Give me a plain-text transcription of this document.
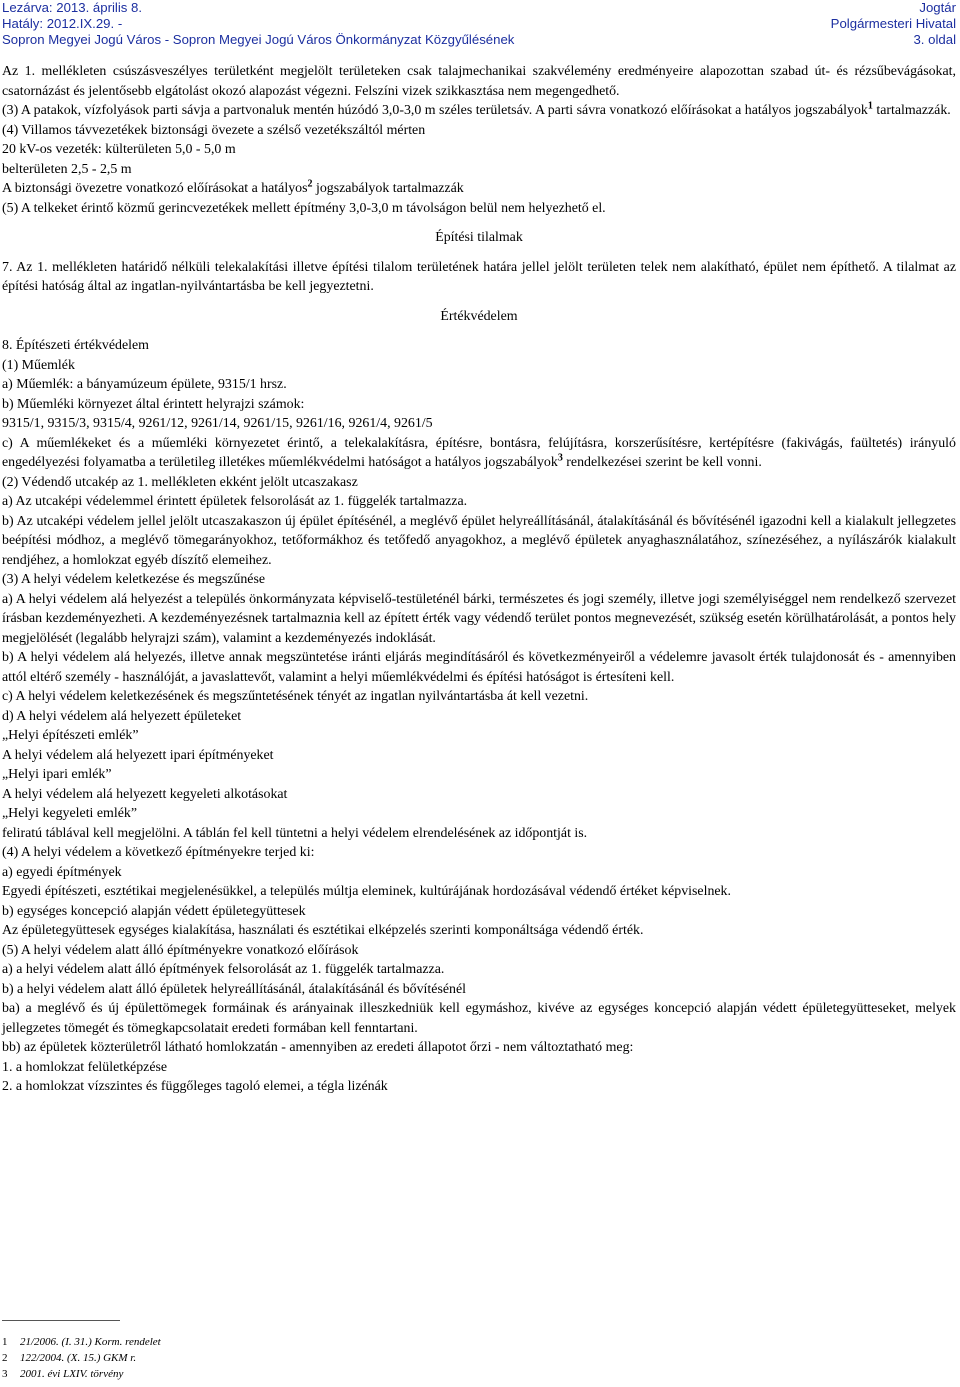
Lezárva: 2013. április 8.
Hatály: 2012.IX.29. -
Sopron Megyei Jogú Város - Sopron Megyei Jogú Város Önkormányzat Közgyűlésének
Jogtár
Polgármesteri Hivatal
3. oldal

Az 1. mellékleten csúszásveszélyes területként megjelölt területeken csak talajmechanikai szakvélemény eredményeire alapozottan szabad út- és rézsűbevágásokat, csatornázást és jelentősebb elgátolást okozó alapozást végezni. Felszíni vizek szikkasztása nem megengedhető.

(3) A patakok, vízfolyások parti sávja a partvonaluk mentén húzódó 3,0-3,0 m széles területsáv. A parti sávra vonatkozó előírásokat a hatályos jogszabályok$^1$ tartalmazzák.

(4) Villamos távvezetékek biztonsági övezete a szélső vezetékszáltól mérten

20 kV-os vezeték: külterületen 5,0 - 5,0 m

belterületen 2,5 - 2,5 m

A biztonsági övezetre vonatkozó előírásokat a hatályos$^2$ jogszabályok tartalmazzák

(5) A telkeket érintő közmű gerincvezetékek mellett építmény 3,0-3,0 m távolságon belül nem helyezhető el.

Építési tilalmak

7. Az 1. mellékleten határidő nélküli telekalakítási illetve építési tilalom területének határa jellel jelölt területen telek nem alakítható, épület nem építhető. A tilalmat az építési hatóság által az ingatlan-nyilvántartásba be kell jegyeztetni.

Értékvédelem

8. Építészeti értékvédelem

(1) Műemlék

a) Műemlék: a bányamúzeum épülete, 9315/1 hrsz.

b) Műemléki környezet által érintett helyrajzi számok:

9315/1, 9315/3, 9315/4, 9261/12, 9261/14, 9261/15, 9261/16, 9261/4, 9261/5

c) A műemlékeket és a műemléki környezetet érintő, a telekalakításra, építésre, bontásra, felújításra, korszerűsítésre, kertépítésre (fakivágás, faültetés) irányuló engedélyezési folyamatba a területileg illetékes műemlékvédelmi hatóságot a hatályos jogszabályok$^3$ rendelkezései szerint be kell vonni.

(2) Védendő utcakép az 1. mellékleten ekként jelölt utcaszakasz

a) Az utcaképi védelemmel érintett épületek felsorolását az 1. függelék tartalmazza.

b) Az utcaképi védelem jellel jelölt utcaszakaszon új épület építésénél, a meglévő épület helyreállításánál, átalakításánál és bővítésénél igazodni kell a kialakult jellegzetes beépítési módhoz, a meglévő tömegarányokhoz, tetőformákhoz és tetőfedő anyagokhoz, a meglévő épületek anyaghasználatához, színezéséhez, a nyílászárók kialakult rendjéhez, a homlokzat egyéb díszítő elemeihez.

(3) A helyi védelem keletkezése és megszűnése

a) A helyi védelem alá helyezést a település önkormányzata képviselő-testületénél bárki, természetes és jogi személy, illetve jogi személyiséggel nem rendelkező szervezet írásban kezdeményezheti. A kezdeményezésnek tartalmaznia kell az épített érték vagy védendő terület pontos megnevezését, szükség esetén körülhatárolását, a pontos hely megjelölését (legalább helyrajzi szám), valamint a kezdeményezés indoklását.

b) A helyi védelem alá helyezés, illetve annak megszüntetése iránti eljárás megindításáról és következményeiről a védelemre javasolt érték tulajdonosát és - amennyiben attól eltérő személy - használóját, a javaslattevőt, valamint a helyi műemlékvédelmi és építési hatóságot is értesíteni kell.

c) A helyi védelem keletkezésének és megszűntetésének tényét az ingatlan nyilvántartásba át kell vezetni.

d) A helyi védelem alá helyezett épületeket

„Helyi építészeti emlék”

A helyi védelem alá helyezett ipari építményeket

„Helyi ipari emlék”

A helyi védelem alá helyezett kegyeleti alkotásokat

„Helyi kegyeleti emlék”

feliratú táblával kell megjelölni. A táblán fel kell tüntetni a helyi védelem elrendelésének az időpontját is.

(4) A helyi védelem a következő építményekre terjed ki:

a) egyedi építmények

Egyedi építészeti, esztétikai megjelenésükkel, a település múltja eleminek, kultúrájának hordozásával védendő értéket képviselnek.

b) egységes koncepció alapján védett épületegyüttesek

Az épületegyüttesek egységes kialakítása, használati és esztétikai elképzelés szerinti komponáltsága védendő érték.

(5) A helyi védelem alatt álló építményekre vonatkozó előírások

a) a helyi védelem alatt álló építmények felsorolását az 1. függelék tartalmazza.

b) a helyi védelem alatt álló épületek helyreállításánál, átalakításánál és bővítésénél

ba) a meglévő és új épülettömegek formáinak és arányainak illeszkedniük kell egymáshoz, kivéve az egységes koncepció alapján védett épületegyütteseket, melyek jellegzetes tömegét és tömegkapcsolatait eredeti formában kell fenntartani.

bb) az épületek közterületről látható homlokzatán - amennyiben az eredeti állapotot őrzi - nem változtatható meg:

1. a homlokzat felületképzése

2. a homlokzat vízszintes és függőleges tagoló elemei, a tégla lizénák

1	21/2006. (I. 31.) Korm. rendelet
2	122/2004. (X. 15.) GKM r.
3	2001. évi LXIV. törvény
